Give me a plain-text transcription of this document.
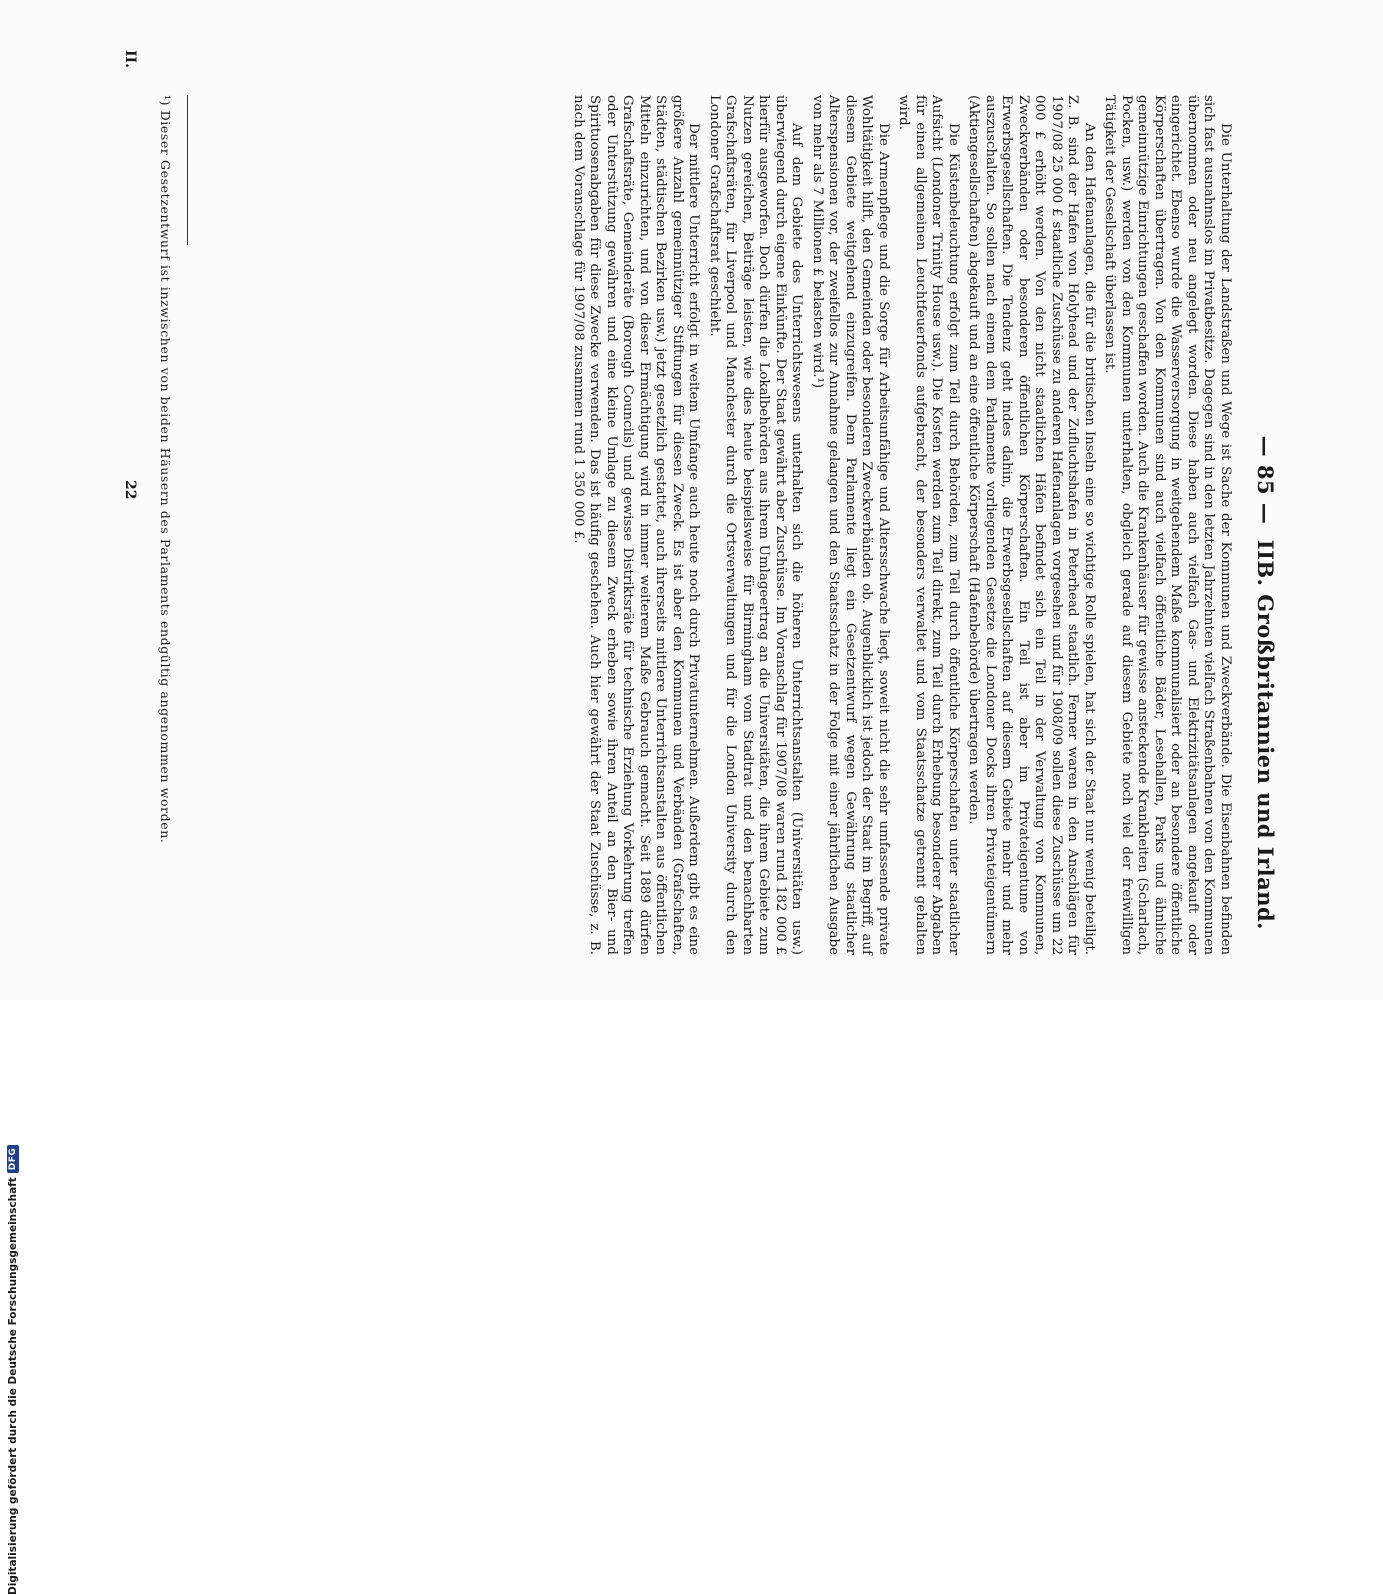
— 85 —
IIB. Großbritannien und Irland.

Die Unterhaltung der Landstraßen und Wege ist Sache der Kommunen und Zweckverbände. Die Eisenbahnen befinden sich fast ausnahmslos im Privatbesitze. Dagegen sind in den letzten Jahrzehnten vielfach Straßenbahnen von den Kommunen übernommen oder neu angelegt worden. Diese haben auch vielfach Gas- und Elektrizitätsanlagen angekauft oder eingerichtet. Ebenso wurde die Wasserversorgung in weitgehendem Maße kommunalisiert oder an besondere öffentliche Körperschaften übertragen. Von den Kommunen sind auch vielfach öffentliche Bäder, Lesehallen, Parks und ähnliche gemeinnützige Einrichtungen geschaffen worden. Auch die Krankenhäuser für gewisse ansteckende Krankheiten (Scharlach, Pocken, usw.) werden von den Kommunen unterhalten, obgleich gerade auf diesem Gebiete noch viel der freiwilligen Tätigkeit der Gesellschaft überlassen ist.

An den Hafenanlagen, die für die britischen Inseln eine so wichtige Rolle spielen, hat sich der Staat nur wenig beteiligt. Z. B. sind der Hafen von Holyhead und der Zufluchtshafen in Peterhead staatlich. Ferner waren in den Anschlägen für 1907/08 25 000 £ staatliche Zuschüsse zu anderen Hafenanlagen vorgesehen und für 1908/09 sollen diese Zuschüsse um 22 000 £ erhöht werden. Von den nicht staatlichen Häfen befindet sich ein Teil in der Verwaltung von Kommunen, Zweckverbänden oder besonderen öffentlichen Körperschaften. Ein Teil ist aber im Privateigentume von Erwerbsgesellschaften. Die Tendenz geht indes dahin, die Erwerbsgesellschaften auf diesem Gebiete mehr und mehr auszuschalten. So sollen nach einem dem Parlamente vorliegenden Gesetze die Londoner Docks ihren Privateigentümern (Aktiengesellschaften) abgekauft und an eine öffentliche Körperschaft (Hafenbehörde) übertragen werden.

Die Küstenbeleuchtung erfolgt zum Teil durch Behörden, zum Teil durch öffentliche Körperschaften unter staatlicher Aufsicht (Londoner Trinity House usw.). Die Kosten werden zum Teil direkt, zum Teil durch Erhebung besonderer Abgaben für einen allgemeinen Leuchtfeuerfonds aufgebracht, der besonders verwaltet und vom Staatsschatze getrennt gehalten wird.

Die Armenpflege und die Sorge für Arbeitsunfähige und Altersschwache liegt, soweit nicht die sehr umfassende private Wohltätigkeit hilft, den Gemeinden oder besonderen Zweckverbänden ob. Augenblicklich ist jedoch der Staat im Begriff, auf diesem Gebiete weitgehend einzugreifen. Dem Parlamente liegt ein Gesetzentwurf wegen Gewährung staatlicher Alterspensionen vor, der zweifellos zur Annahme gelangen und den Staatsschatz in der Folge mit einer jährlichen Ausgabe von mehr als 7 Millionen £ belasten wird.¹)

Auf dem Gebiete des Unterrichtswesens unterhalten sich die höheren Unterrichtsanstalten (Universitäten usw.) überwiegend durch eigene Einkünfte. Der Staat gewährt aber Zuschüsse. Im Voranschlag für 1907/08 waren rund 182 000 £ hierfür ausgeworfen. Doch dürfen die Lokalbehörden aus ihrem Umlageertrag an die Universitäten, die ihrem Gebiete zum Nutzen gereichen, Beiträge leisten, wie dies heute beispielsweise für Birmingham vom Stadtrat und den benachbarten Grafschaftsräten, für Liverpool und Manchester durch die Ortsverwaltungen und für die London University durch den Londoner Grafschaftsrat geschieht.

Der mittlere Unterricht erfolgt in weitem Umfange auch heute noch durch Privatunternehmen. Außerdem gibt es eine größere Anzahl gemeinnütziger Stiftungen für diesen Zweck. Es ist aber den Kommunen und Verbänden (Grafschaften, Städten, städtischen Bezirken usw.) jetzt gesetzlich gestattet, auch ihrerseits mittlere Unterrichtsanstalten aus öffentlichen Mitteln einzurichten, und von dieser Ermächtigung wird in immer weiterem Maße Gebrauch gemacht. Seit 1889 dürfen Grafschaftsräte, Gemeinderäte (Borough Councils) und gewisse Distriktsräte für technische Erziehung Vorkehrung treffen oder Unterstützung gewähren und eine kleine Umlage zu diesem Zweck erheben sowie ihren Anteil an den Bier- und Spirituosenabgaben für diese Zwecke verwenden. Das ist häufig geschehen. Auch hier gewährt der Staat Zuschüsse, z. B. nach dem Voranschlage für 1907/08 zusammen rund 1 350 000 £.

¹) Dieser Gesetzentwurf ist inzwischen von beiden Häusern des Parlaments endgültig angenommen worden.
II.
22
Digitalisierung gefördert durch die Deutsche Forschungsgemeinschaft
DFG
